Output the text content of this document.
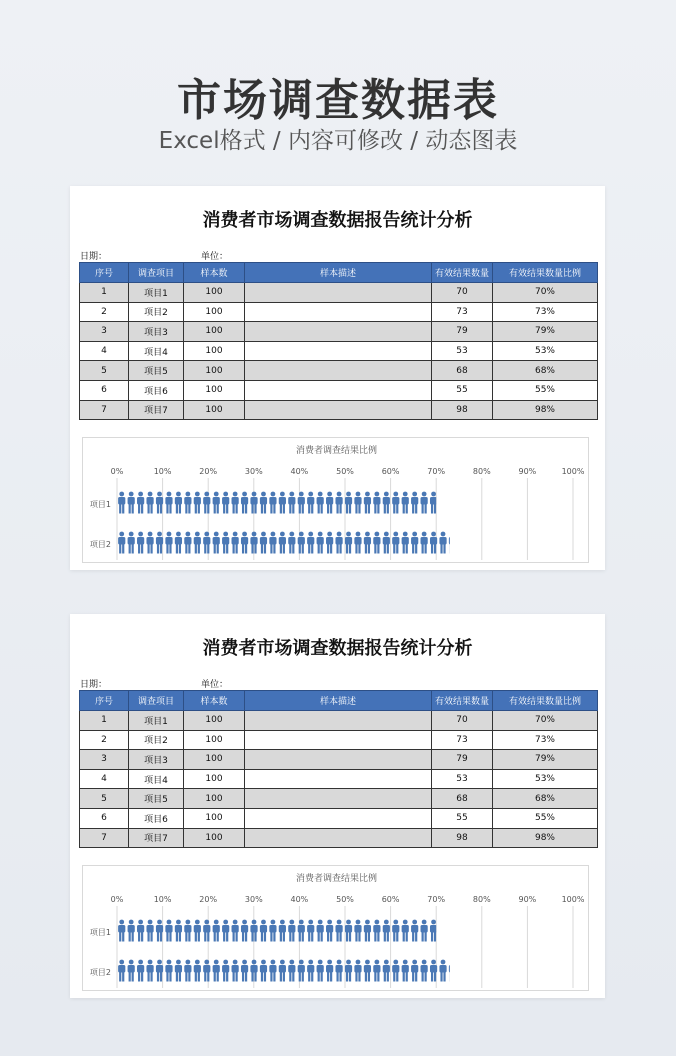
市场调查数据表
Excel格式 / 内容可修改 / 动态图表
消费者市场调查数据报告统计分析
日期：	单位：
序号	调查项目	样本数	样本描述	有效结果数量	有效结果数量比例
1	项目1	100		70	70%
2	项目2	100		73	73%
3	项目3	100		79	79%
4	项目4	100		53	53%
5	项目5	100		68	68%
6	项目6	100		55	55%
7	项目7	100		98	98%
消费者调查结果比例
0%	10%	20%	30%	40%	50%	60%	70%	80%	90%	100%
项目1
项目2
消费者市场调查数据报告统计分析
日期：	单位：
序号	调查项目	样本数	样本描述	有效结果数量	有效结果数量比例
1	项目1	100		70	70%
2	项目2	100		73	73%
3	项目3	100		79	79%
4	项目4	100		53	53%
5	项目5	100		68	68%
6	项目6	100		55	55%
7	项目7	100		98	98%
消费者调查结果比例
0%	10%	20%	30%	40%	50%	60%	70%	80%	90%	100%
项目1
项目2
